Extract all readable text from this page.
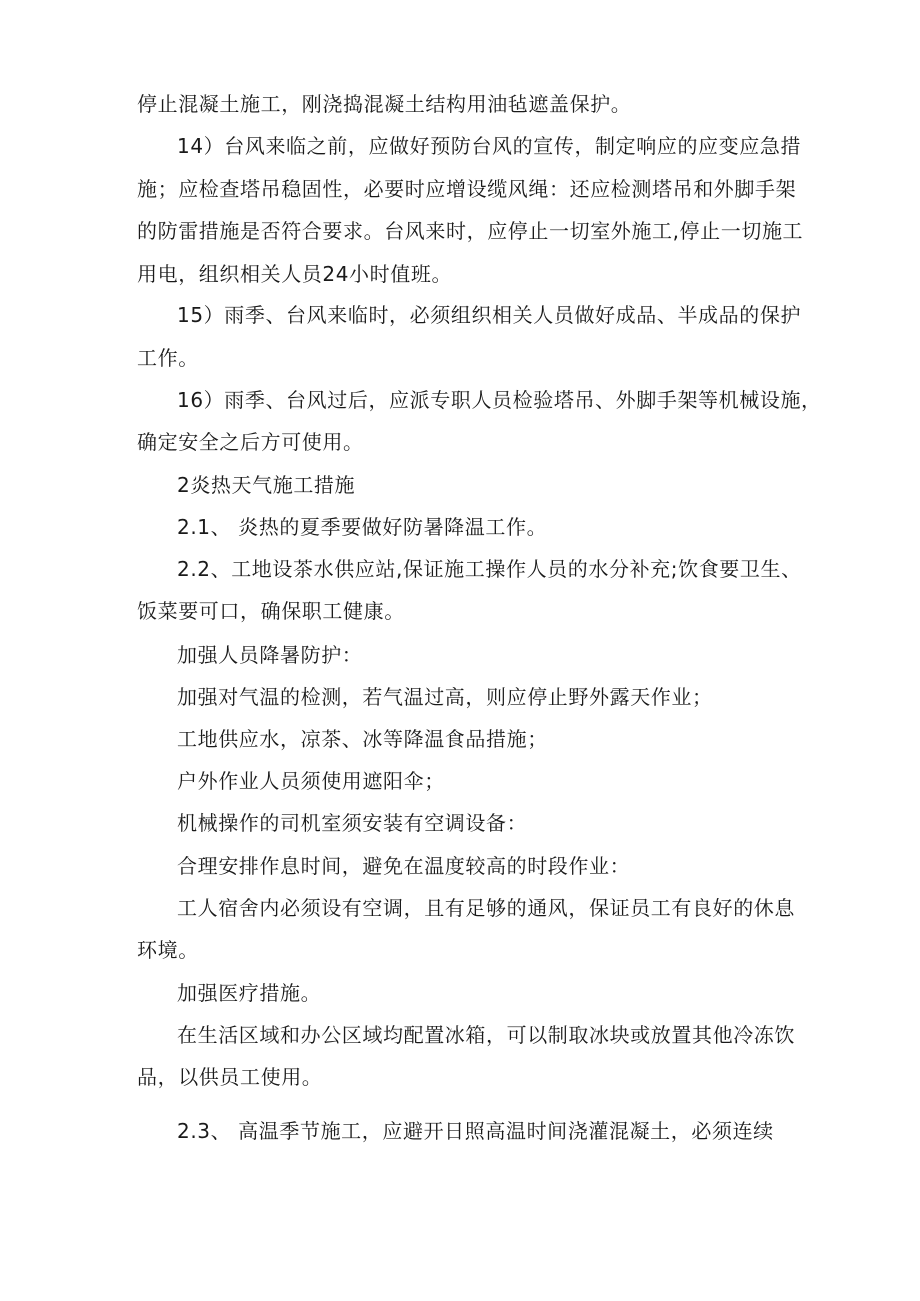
停止混凝土施工，刚浇捣混凝土结构用油毡遮盖保护。
14）台风来临之前，应做好预防台风的宣传，制定响应的应变应急措
施；应检查塔吊稳固性，必要时应增设缆风绳：还应检测塔吊和外脚手架
的防雷措施是否符合要求。台风来时，应停止一切室外施工,停止一切施工
用电，组织相关人员24小时值班。
15）雨季、台风来临时，必须组织相关人员做好成品、半成品的保护
工作。
16）雨季、台风过后，应派专职人员检验塔吊、外脚手架等机械设施，
确定安全之后方可使用。
2炎热天气施工措施
2.1、 炎热的夏季要做好防暑降温工作。
2.2、工地设茶水供应站,保证施工操作人员的水分补充;饮食要卫生、
饭菜要可口，确保职工健康。
加强人员降暑防护：
加强对气温的检测，若气温过高，则应停止野外露天作业；
工地供应水，凉茶、冰等降温食品措施；
户外作业人员须使用遮阳伞；
机械操作的司机室须安装有空调设备：
合理安排作息时间，避免在温度较高的时段作业：
工人宿舍内必须设有空调，且有足够的通风，保证员工有良好的休息
环境。
加强医疗措施。
在生活区域和办公区域均配置冰箱，可以制取冰块或放置其他冷冻饮
品，以供员工使用。
2.3、 高温季节施工，应避开日照高温时间浇灌混凝土，必须连续
